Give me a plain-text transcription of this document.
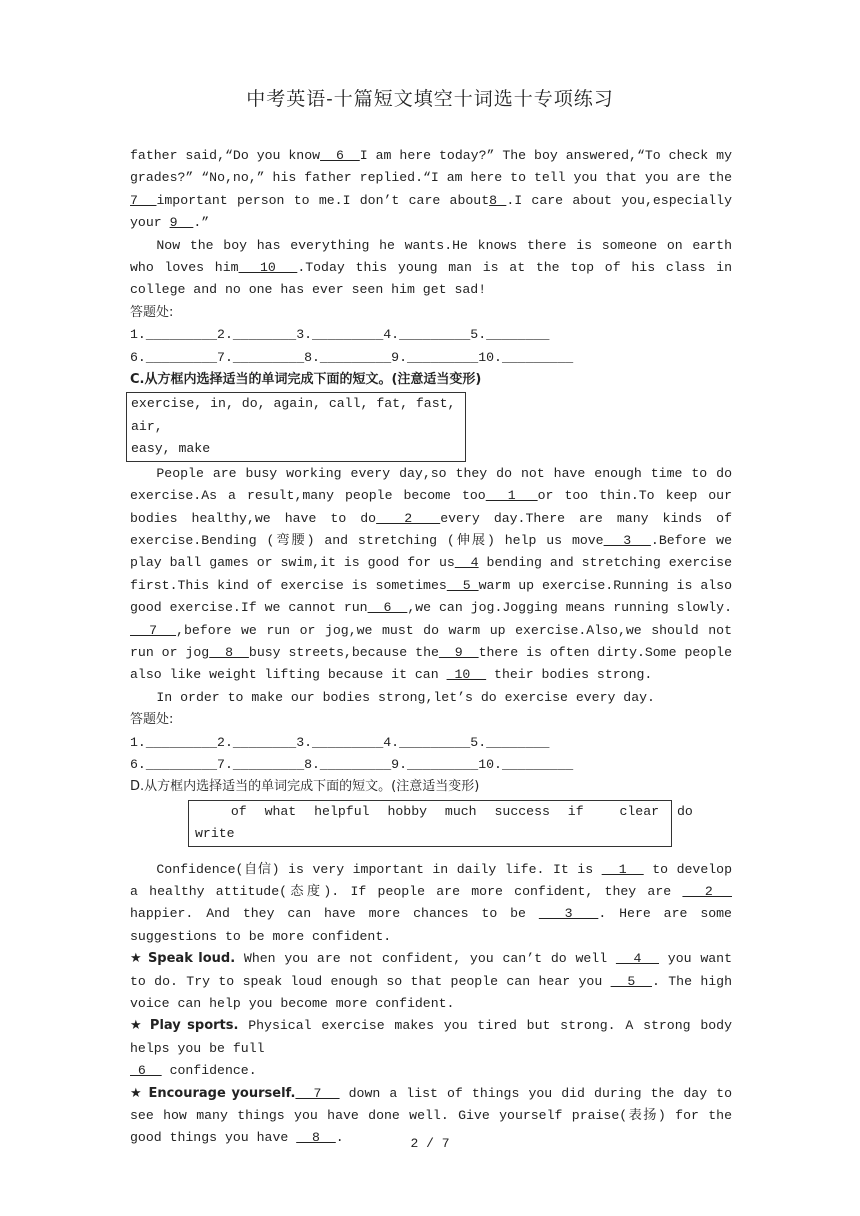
中考英语-十篇短文填空十词选十专项练习

father said,“Do you know  6  I am here today?” The boy answered,“To check my grades?” “No,no,” his father replied.“I am here to tell you that you are the 7  important person to me.I don’t care about8 .I care about you,especially your 9  .”

Now the boy has everything he wants.He knows there is someone on earth who loves him  10  .Today this young man is at the top of his class in college and no one has ever seen him get sad!

答题处:

1._________2.________3._________4._________5.________

6._________7._________8._________9._________10._________

C.从方框内选择适当的单词完成下面的短文。(注意适当变形)

exercise, in, do, again, call, fat, fast, air,
easy, make

People are busy working every day,so they do not have enough time to do exercise.As a result,many people become too  1  or too thin.To keep our bodies healthy,we have to do  2  every day.There are many kinds of exercise.Bending (弯腰) and stretching (伸展) help us move  3  .Before we play ball games or swim,it is good for us  4 bending and stretching exercise first.This kind of exercise is sometimes  5 warm up exercise.Running is also good exercise.If we cannot run  6  ,we can jog.Jogging means running slowly.  7  ,before we run or jog,we must do warm up exercise.Also,we should not run or jog  8  busy streets,because the  9  there is often dirty.Some people also like weight lifting because it can  10   their bodies strong.

In order to make our bodies strong,let’s do exercise every day.

答题处:

1._________2.________3._________4._________5.________

6._________7._________8._________9._________10._________

D.从方框内选择适当的单词完成下面的短文。(注意适当变形)

of what helpful hobby much success if  clear do
write

Confidence(自信) is very important in daily life. It is   1   to develop a healthy attitude(态度). If people are more confident, they are   2   happier. And they can have more chances to be   3  . Here are some suggestions to be more confident.

★ Speak loud. When you are not confident, you can’t do well   4   you want to do. Try to speak loud enough so that people can hear you   5  . The high voice can help you become more confident.

★ Play sports. Physical exercise makes you tired but strong. A strong body helps you be full

6   confidence.

★ Encourage yourself.  7   down a list of things you did during the day to see how many things you have done well. Give yourself praise(表扬) for the good things you have   8  .	2 / 7
